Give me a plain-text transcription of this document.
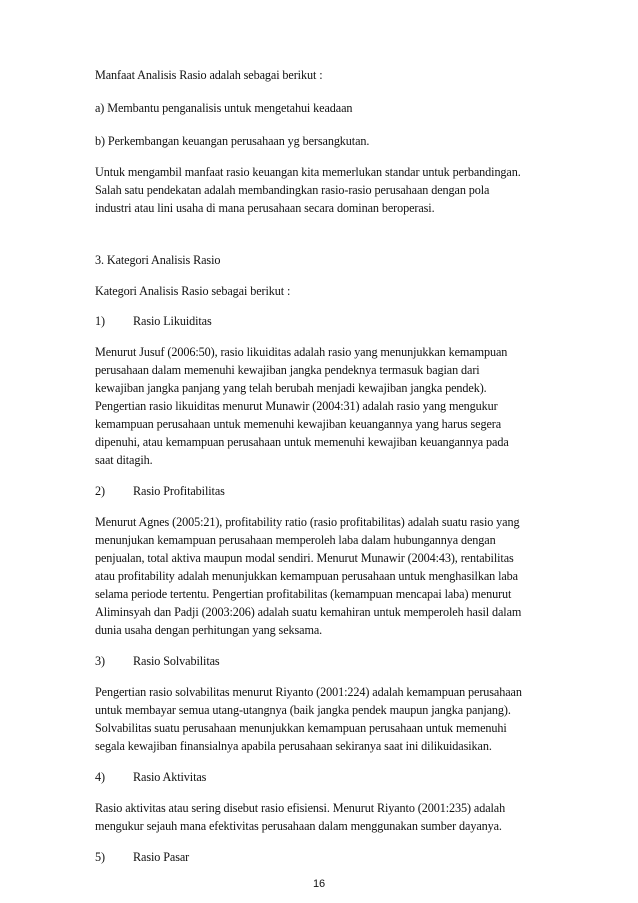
Manfaat Analisis Rasio adalah sebagai berikut :
a) Membantu penganalisis untuk mengetahui keadaan
b) Perkembangan keuangan perusahaan yg bersangkutan.
Untuk mengambil manfaat rasio keuangan kita memerlukan standar untuk perbandingan.
Salah satu pendekatan adalah membandingkan rasio-rasio perusahaan dengan pola
industri atau lini usaha di mana perusahaan secara dominan beroperasi.
3. Kategori Analisis Rasio
Kategori Analisis Rasio sebagai berikut :
1) Rasio Likuiditas
Menurut Jusuf (2006:50), rasio likuiditas adalah rasio yang menunjukkan kemampuan
perusahaan dalam memenuhi kewajiban jangka pendeknya termasuk bagian dari
kewajiban jangka panjang yang telah berubah menjadi kewajiban jangka pendek).
Pengertian rasio likuiditas menurut Munawir (2004:31) adalah rasio yang mengukur
kemampuan perusahaan untuk memenuhi kewajiban keuangannya yang harus segera
dipenuhi, atau kemampuan perusahaan untuk memenuhi kewajiban keuangannya pada
saat ditagih.
2) Rasio Profitabilitas
Menurut Agnes (2005:21), profitability ratio (rasio profitabilitas) adalah suatu rasio yang
menunjukan kemampuan perusahaan memperoleh laba dalam hubungannya dengan
penjualan, total aktiva maupun modal sendiri. Menurut Munawir (2004:43), rentabilitas
atau profitability adalah menunjukkan kemampuan perusahaan untuk menghasilkan laba
selama periode tertentu. Pengertian profitabilitas (kemampuan mencapai laba) menurut
Aliminsyah dan Padji (2003:206) adalah suatu kemahiran untuk memperoleh hasil dalam
dunia usaha dengan perhitungan yang seksama.
3) Rasio Solvabilitas
Pengertian rasio solvabilitas menurut Riyanto (2001:224) adalah kemampuan perusahaan
untuk membayar semua utang-utangnya (baik jangka pendek maupun jangka panjang).
Solvabilitas suatu perusahaan menunjukkan kemampuan perusahaan untuk memenuhi
segala kewajiban finansialnya apabila perusahaan sekiranya saat ini dilikuidasikan.
4) Rasio Aktivitas
Rasio aktivitas atau sering disebut rasio efisiensi. Menurut Riyanto (2001:235) adalah
mengukur sejauh mana efektivitas perusahaan dalam menggunakan sumber dayanya.
5) Rasio Pasar
16
